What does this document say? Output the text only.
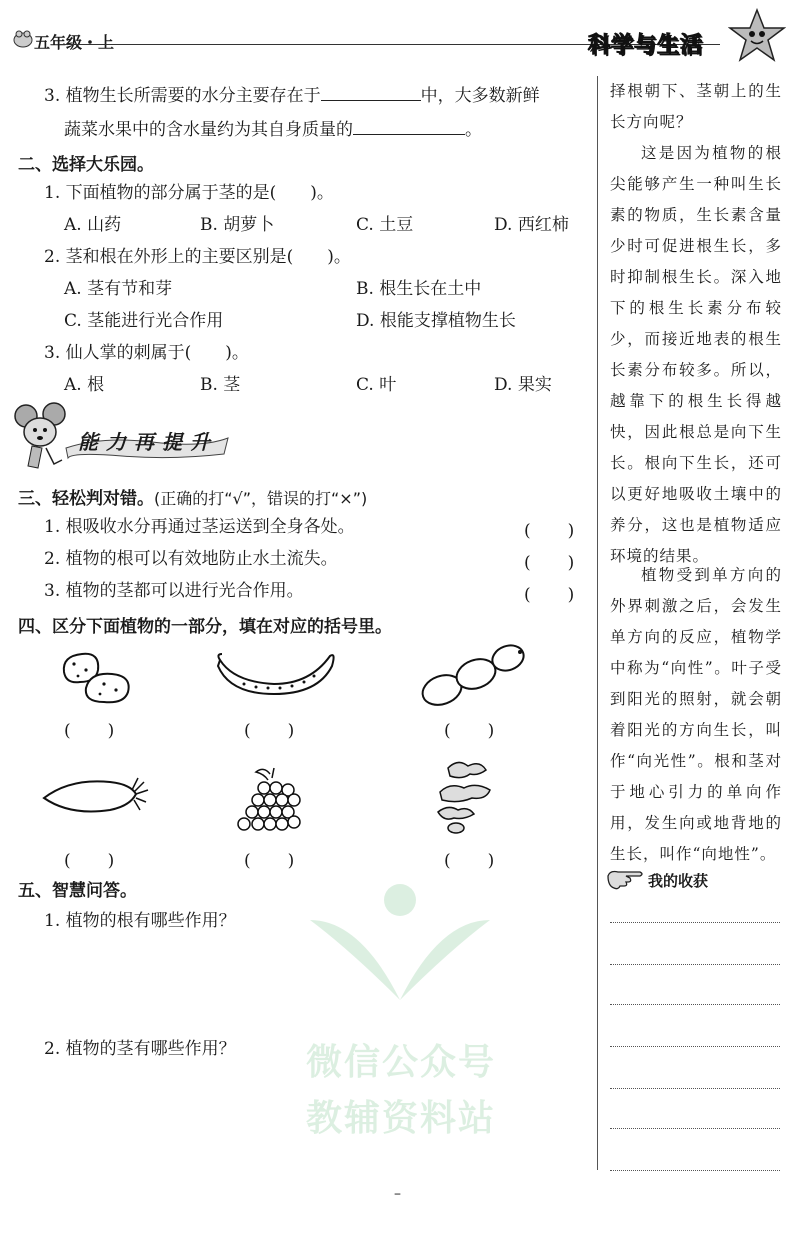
五年级・上	科学与生活
3. 植物生长所需要的水分主要存在于	中，大多数新鲜
蔬菜水果中的含水量约为其自身质量的	。
二、选择大乐园。
1. 下面植物的部分属于茎的是(　　)。
A. 山药	B. 胡萝卜	C. 土豆	D. 西红柿
2. 茎和根在外形上的主要区别是(　　)。
A. 茎有节和芽	B. 根生长在土中
C. 茎能进行光合作用	D. 根能支撑植物生长
3. 仙人掌的刺属于(　　)。
A. 根	B. 茎	C. 叶	D. 果实
能力再提升
三、轻松判对错。(正确的打“√”，错误的打“×”)
1. 根吸收水分再通过茎运送到全身各处。	(　　)
2. 植物的根可以有效地防止水土流失。	(　　)
3. 植物的茎都可以进行光合作用。	(　　)
四、区分下面植物的一部分，填在对应的括号里。
(　　)	(　　)	(　　)
(　　)	(　　)	(　　)
微信公众号
教辅资料站
五、智慧问答。
1. 植物的根有哪些作用？
2. 植物的茎有哪些作用？
–
择根朝下、茎朝上的生长方向呢？
这是因为植物的根尖能够产生一种叫生长素的物质，生长素含量少时可促进根生长，多时抑制根生长。深入地下的根生长素分布较少，而接近地表的根生长素分布较多。所以，越靠下的根生长得越快，因此根总是向下生长。根向下生长，还可以更好地吸收土壤中的养分，这也是植物适应环境的结果。
植物受到单方向的外界刺激之后，会发生单方向的反应，植物学中称为“向性”。叶子受到阳光的照射，就会朝着阳光的方向生长，叫作“向光性”。根和茎对于地心引力的单向作用，发生向或地背地的生长，叫作“向地性”。
我的收获
